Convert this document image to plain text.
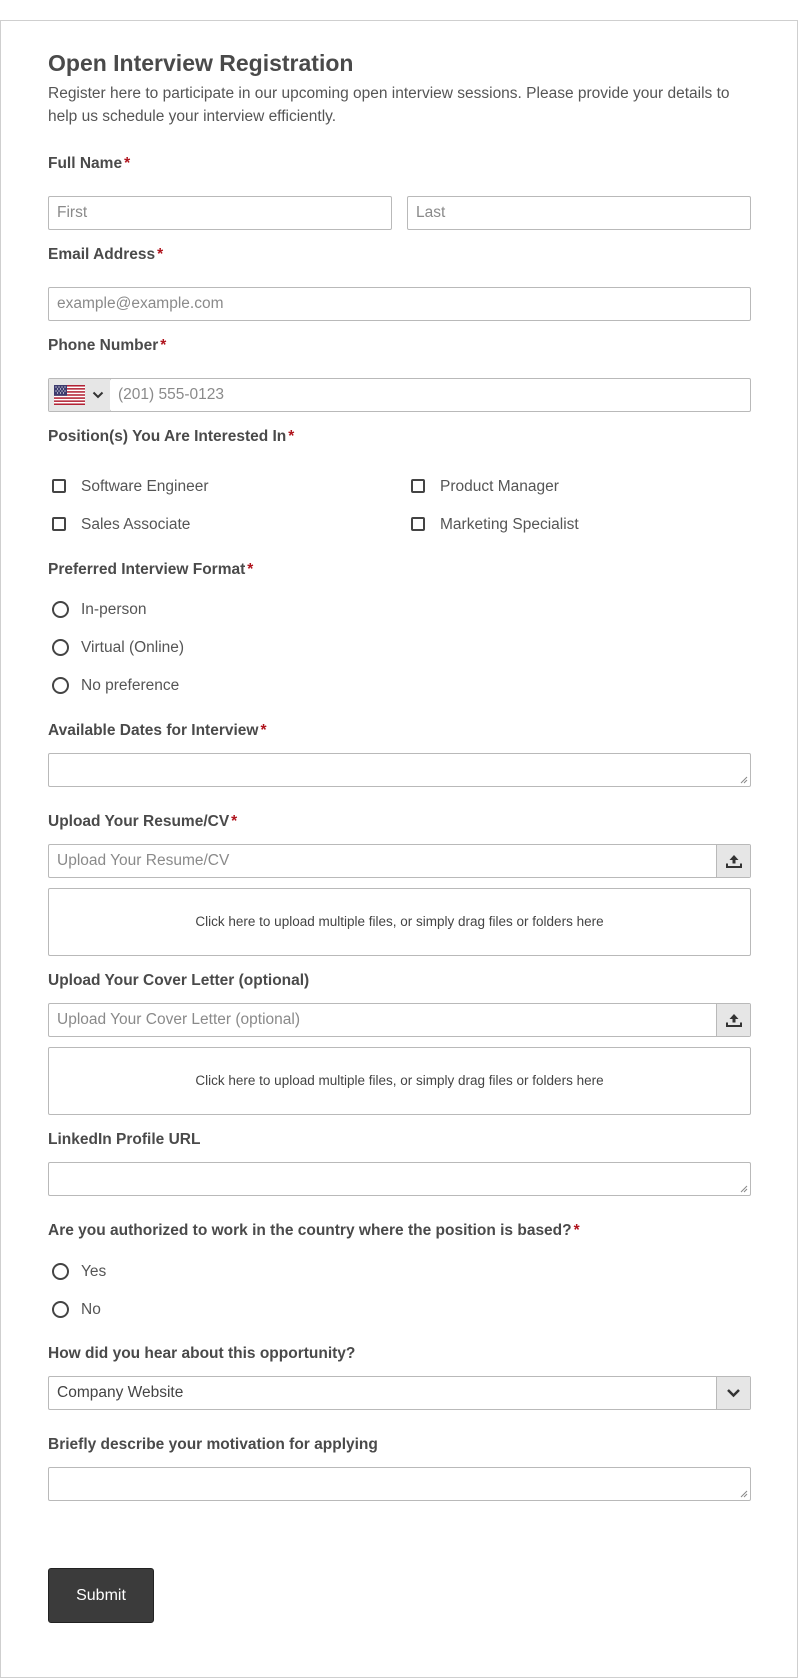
Open Interview Registration
Register here to participate in our upcoming open interview sessions. Please provide your details to help us schedule your interview efficiently.
Full Name *
First
Last
Email Address *
example@example.com
Phone Number *
(201) 555-0123
Position(s) You Are Interested In *
Software Engineer	Product Manager
Sales Associate	Marketing Specialist
Preferred Interview Format *
In-person
Virtual (Online)
No preference
Available Dates for Interview *
Upload Your Resume/CV *
Upload Your Resume/CV
Click here to upload multiple files, or simply drag files or folders here
Upload Your Cover Letter (optional)
Upload Your Cover Letter (optional)
Click here to upload multiple files, or simply drag files or folders here
LinkedIn Profile URL
Are you authorized to work in the country where the position is based? *
Yes
No
How did you hear about this opportunity?
Company Website
Briefly describe your motivation for applying
Submit
